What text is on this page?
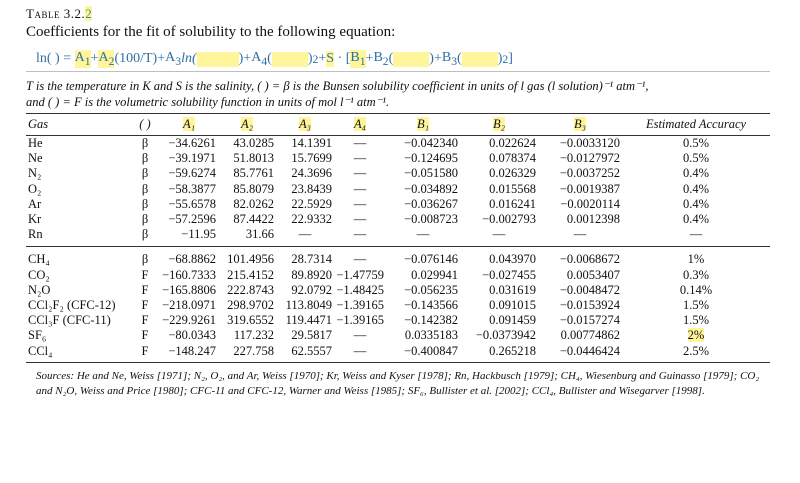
Table 3.2.2
Coefficients for the fit of solubility to the following equation:
ln( )
=
$A_1 + A_2$ $(100/T)+ A_3$ ln(	) + $A_4$ (	) 2 + S
·
[ $B_1 + B_2$ (	) + $B_3$ (	) 2 ]
T is the temperature in K and S is the salinity, ( ) = β is the Bunsen solubility coefficient in units of l gas (l solution)⁻¹ atm⁻¹,
and ( ) = F is the volumetric solubility function in units of mol l⁻¹ atm⁻¹.
Gas	( )	A₁	A₂	A₃	A₄	B₁	B₂	B₃	Estimated Accuracy
He	β	−34.6261	43.0285	14.1391	—	−0.042340	0.022624	−0.0033120	0.5%
Ne	β	−39.1971	51.8013	15.7699	—	−0.124695	0.078374	−0.0127972	0.5%
N₂	β	−59.6274	85.7761	24.3696	—	−0.051580	0.026329	−0.0037252	0.4%
O₂	β	−58.3877	85.8079	23.8439	—	−0.034892	0.015568	−0.0019387	0.4%
Ar	β	−55.6578	82.0262	22.5929	—	−0.036267	0.016241	−0.0020114	0.4%
Kr	β	−57.2596	87.4422	22.9332	—	−0.008723	−0.002793	0.0012398	0.4%
Rn	β	−11.95	31.66	—	—	—	—	—	—
CH₄	β	−68.8862	101.4956	28.7314	—	−0.076146	0.043970	−0.0068672	1%
CO₂	F	−160.7333	215.4152	89.8920	−1.47759	0.029941	−0.027455	0.0053407	0.3%
N₂O	F	−165.8806	222.8743	92.0792	−1.48425	−0.056235	0.031619	−0.0048472	0.14%
CCl₂F₂ (CFC-12)	F	−218.0971	298.9702	113.8049	−1.39165	−0.143566	0.091015	−0.0153924	1.5%
CCl₃F (CFC-11)	F	−229.9261	319.6552	119.4471	−1.39165	−0.142382	0.091459	−0.0157274	1.5%
SF₆	F	−80.0343	117.232	29.5817	—	0.0335183	−0.0373942	0.00774862	2%
CCl₄	F	−148.247	227.758	62.5557	—	−0.400847	0.265218	−0.0446424	2.5%
Sources: He and Ne, Weiss [1971]; N₂, O₂, and Ar, Weiss [1970]; Kr, Weiss and Kyser [1978]; Rn, Hackbusch [1979]; CH₄, Wiesenburg and Guinasso [1979]; CO₂ and N₂O, Weiss and Price [1980]; CFC-11 and CFC-12, Warner and Weiss [1985]; SF₆, Bullister et al. [2002]; CCl₄, Bullister and Wisegarver [1998].
